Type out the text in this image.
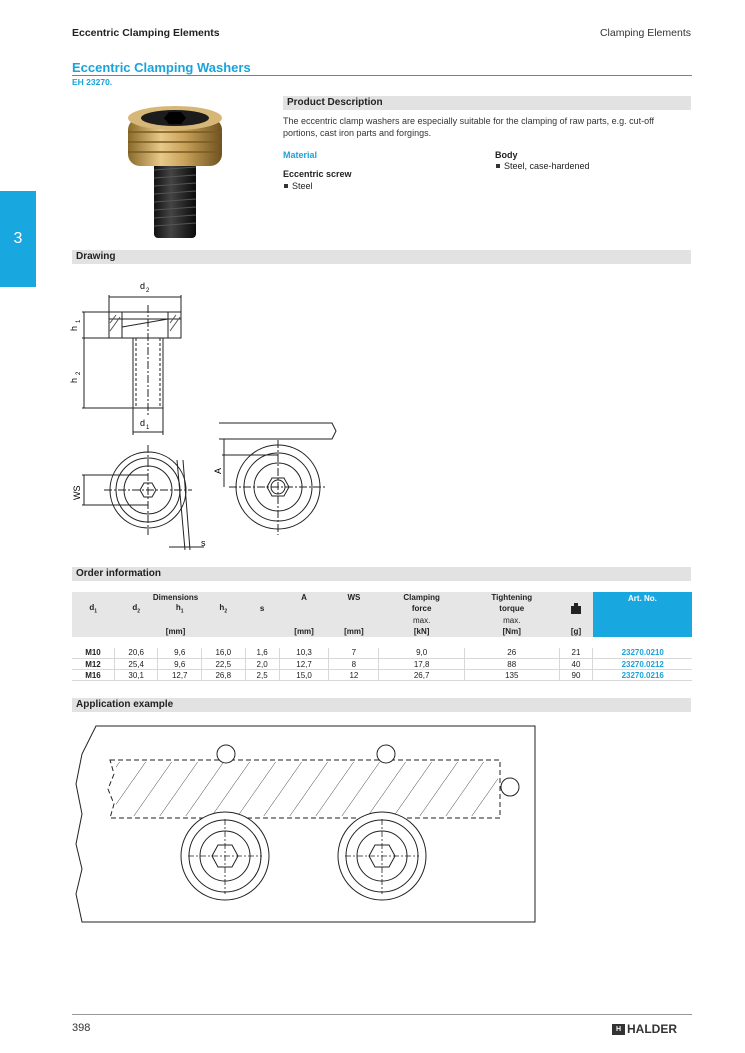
Eccentric Clamping Elements	Clamping Elements
Eccentric Clamping Washers
EH 23270.
3
Product Description
The eccentric clamp washers are especially suitable for the clamping of raw parts, e.g. cut-off portions, cast iron parts and forgings.
Material
Eccentric screw
Steel
Body
Steel, case-hardened
Drawing
d 2
h
1
h
2
d 1
WS
s
A
Order information
Dimensions					A	WS	Clamping	Tightening		Art. No.
$d_1$	$d_2$	$h_1$	$h_2$	s			force	torque		
							max.	max.		
[mm]					[mm]	[mm]	[kN]	[Nm]	[g]	

M10	20,6	9,6	16,0	1,6	10,3	7	9,0	26	21	23270.0210
M12	25,4	9,6	22,5	2,0	12,7	8	17,8	88	40	23270.0212
M16	30,1	12,7	26,8	2,5	15,0	12	26,7	135	90	23270.0216
Application example
398	H HALDER
